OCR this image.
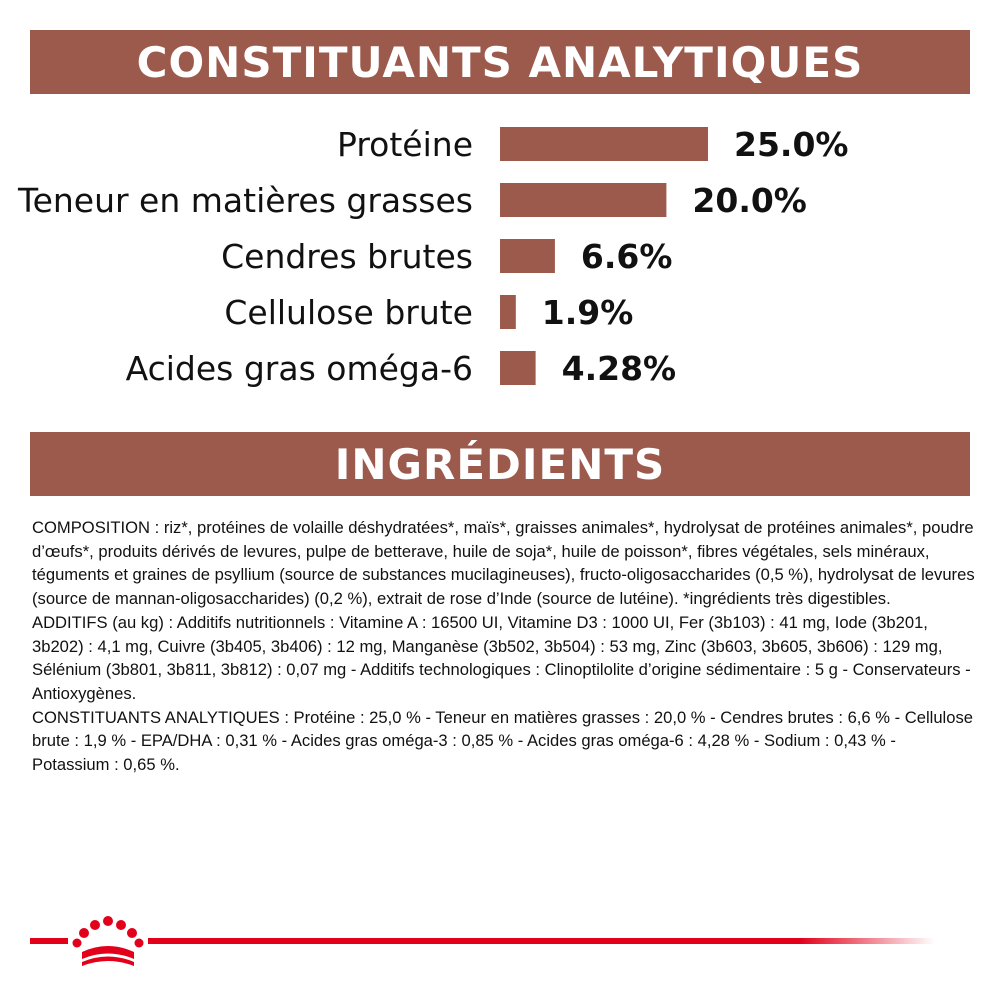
CONSTITUANTS ANALYTIQUES
Protéine	25.0%
Teneur en matières grasses	20.0%
Cendres brutes	6.6%
Cellulose brute 1.9%
Acides gras oméga-6	4.28%
INGRÉDIENTS

COMPOSITION : riz*, protéines de volaille déshydratées*, maïs*, graisses animales*, hydrolysat de protéines animales*, poudre d’œufs*, produits dérivés de levures, pulpe de betterave, huile de soja*, huile de poisson*, fibres végétales, sels minéraux, téguments et graines de psyllium (source de substances mucilagineuses), fructo-oligosaccharides (0,5 %), hydrolysat de levures (source de mannan-oligosaccharides) (0,2 %), extrait de rose d’Inde (source de lutéine). *ingrédients très digestibles.

ADDITIFS (au kg) : Additifs nutritionnels : Vitamine A : 16500 UI, Vitamine D3 : 1000 UI, Fer (3b103) : 41 mg, Iode (3b201, 3b202) : 4,1 mg, Cuivre (3b405, 3b406) : 12 mg, Manganèse (3b502, 3b504) : 53 mg, Zinc (3b603, 3b605, 3b606) : 129 mg, Sélénium (3b801, 3b811, 3b812) : 0,07 mg - Additifs technologiques : Clinoptilolite d’origine sédimentaire : 5 g - Conservateurs - Antioxygènes.

CONSTITUANTS ANALYTIQUES : Protéine : 25,0 % - Teneur en matières grasses : 20,0 % - Cendres brutes : 6,6 % - Cellulose brute : 1,9 % - EPA/DHA : 0,31 % - Acides gras oméga-3 : 0,85 % - Acides gras oméga-6 : 4,28 % - Sodium : 0,43 % - Potassium : 0,65 %.
